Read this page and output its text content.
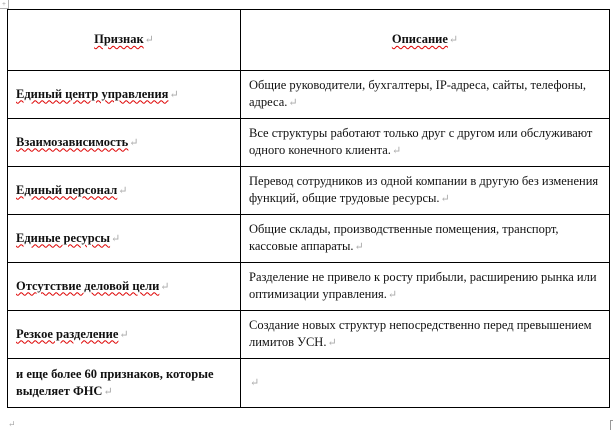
+
Признак↵	Описание↵
Единый центр управления↵	Общие руководители, бухгалтеры, IP-адреса, сайты, телефоны, адреса.↵
Взаимозависимость↵	Все структуры работают только друг с другом или обслуживают одного конечного клиента.↵
Единый персонал↵	Перевод сотрудников из одной компании в другую без изменения функций, общие трудовые ресурсы.↵
Единые ресурсы↵	Общие склады, производственные помещения, транспорт, кассовые аппараты.↵
Отсутствие деловой цели↵	Разделение не привело к росту прибыли, расширению рынка или оптимизации управления.↵
Резкое разделение↵	Создание новых структур непосредственно перед превышением лимитов УСН.↵
и еще более 60 признаков, которые выделяет ФНС↵	↵
↵
